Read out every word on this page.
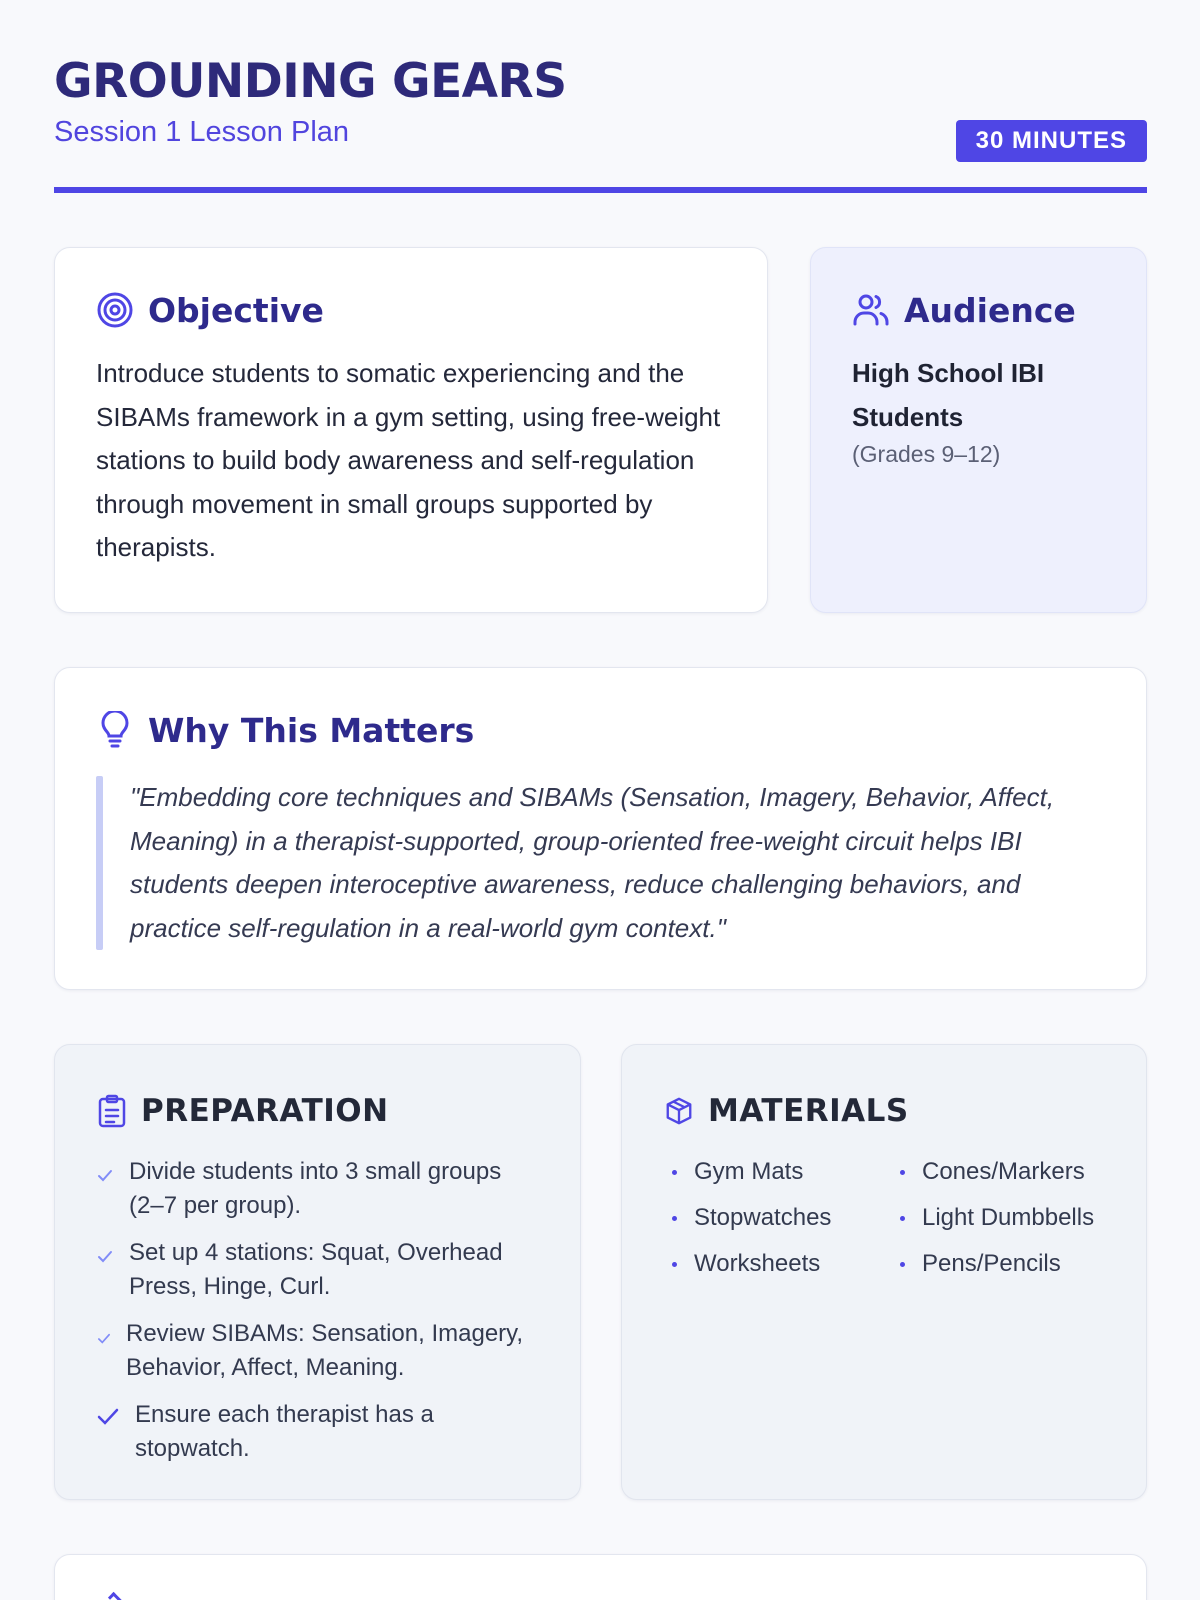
GROUNDING GEARS
Session 1 Lesson Plan	30 MINUTES
Objective

Introduce students to somatic experiencing and the SIBAMs framework in a gym setting, using free-weight stations to build body awareness and self-regulation through movement in small groups supported by therapists.

Audience

High School IBI Students

(Grades 9–12)

Why This Matters

"Embedding core techniques and SIBAMs (Sensation, Imagery, Behavior, Affect, Meaning) in a therapist-supported, group-oriented free-weight circuit helps IBI students deepen interoceptive awareness, reduce challenging behaviors, and practice self-regulation in a real-world gym context."

PREPARATION
Divide students into 3 small groups (2–7 per group).
Set up 4 stations: Squat, Overhead Press, Hinge, Curl.
Review SIBAMs: Sensation, Imagery, Behavior, Affect, Meaning.
Ensure each therapist has a stopwatch.
MATERIALS
Gym Mats	Cones/Markers
Stopwatches	Light Dumbbells
Worksheets	Pens/Pencils
